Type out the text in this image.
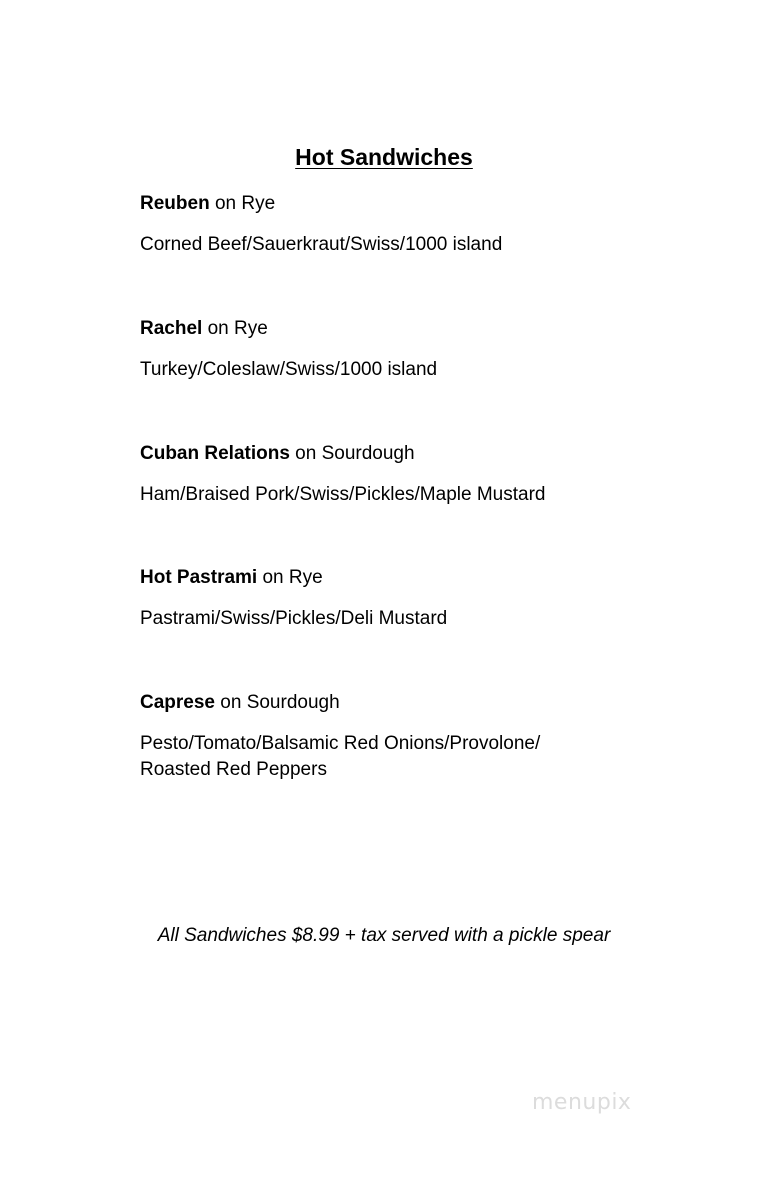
Hot Sandwiches
Reuben on Rye
Corned Beef/Sauerkraut/Swiss/1000 island
Rachel on Rye
Turkey/Coleslaw/Swiss/1000 island
Cuban Relations on Sourdough
Ham/Braised Pork/Swiss/Pickles/Maple Mustard
Hot Pastrami on Rye
Pastrami/Swiss/Pickles/Deli Mustard
Caprese on Sourdough
Pesto/Tomato/Balsamic Red Onions/Provolone/
Roasted Red Peppers
All Sandwiches $8.99 + tax served with a pickle spear
menupix
